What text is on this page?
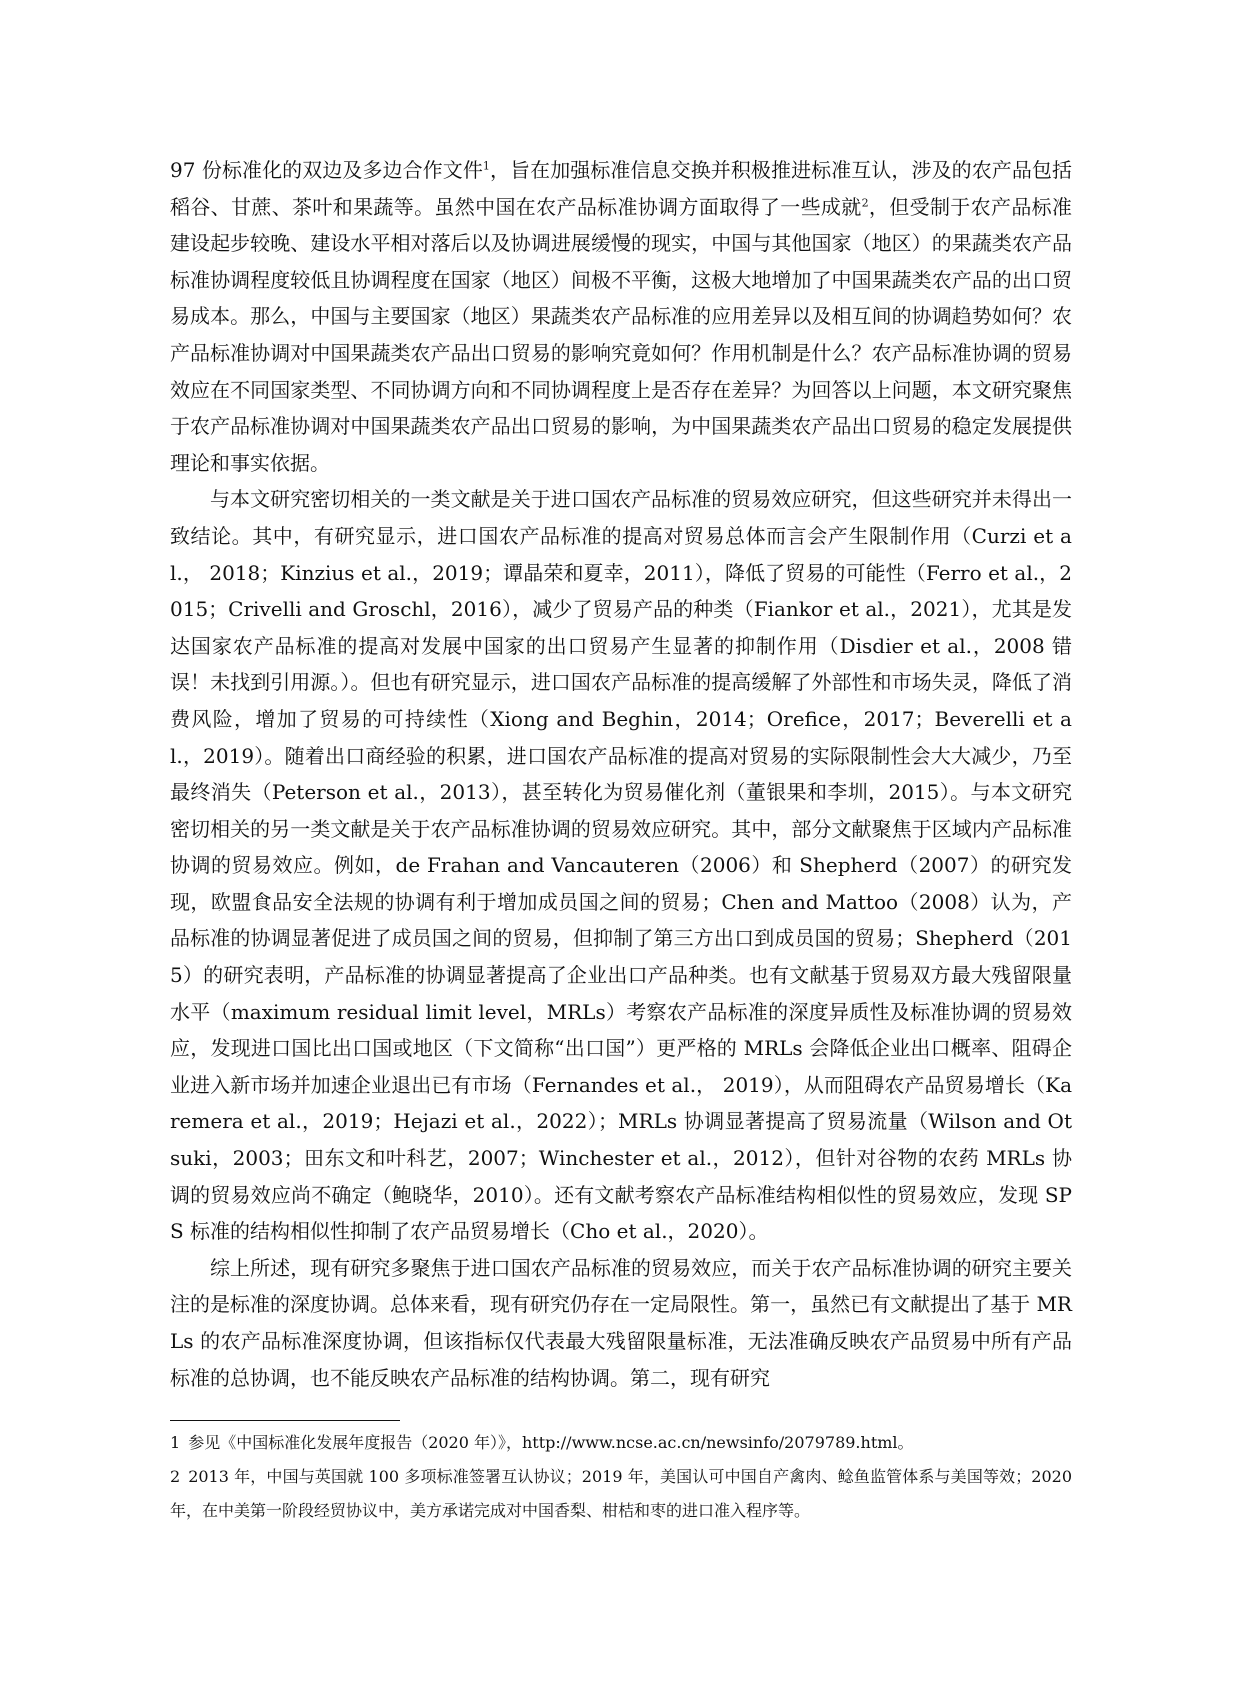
97 份标准化的双边及多边合作文件$^1$，旨在加强标准信息交换并积极推进标准互认，涉及的农产品包括稻谷、甘蔗、茶叶和果蔬等。虽然中国在农产品标准协调方面取得了一些成就$^2$，但受制于农产品标准建设起步较晚、建设水平相对落后以及协调进展缓慢的现实，中国与其他国家（地区）的果蔬类农产品标准协调程度较低且协调程度在国家（地区）间极不平衡，这极大地增加了中国果蔬类农产品的出口贸易成本。那么，中国与主要国家（地区）果蔬类农产品标准的应用差异以及相互间的协调趋势如何？农产品标准协调对中国果蔬类农产品出口贸易的影响究竟如何？作用机制是什么？农产品标准协调的贸易效应在不同国家类型、不同协调方向和不同协调程度上是否存在差异？为回答以上问题，本文研究聚焦于农产品标准协调对中国果蔬类农产品出口贸易的影响，为中国果蔬类农产品出口贸易的稳定发展提供理论和事实依据。

与本文研究密切相关的一类文献是关于进口国农产品标准的贸易效应研究，但这些研究并未得出一致结论。其中，有研究显示，进口国农产品标准的提高对贸易总体而言会产生限制作用（Curzi et al.， 2018；Kinzius et al.，2019；谭晶荣和夏幸，2011），降低了贸易的可能性（Ferro et al.，2015；Crivelli and Groschl，2016），减少了贸易产品的种类（Fiankor et al.，2021），尤其是发达国家农产品标准的提高对发展中国家的出口贸易产生显著的抑制作用（Disdier et al.，2008 错误！未找到引用源。）。但也有研究显示，进口国农产品标准的提高缓解了外部性和市场失灵，降低了消费风险，增加了贸易的可持续性（Xiong and Beghin，2014；Orefice，2017；Beverelli et al.，2019）。随着出口商经验的积累，进口国农产品标准的提高对贸易的实际限制性会大大减少，乃至最终消失（Peterson et al.，2013），甚至转化为贸易催化剂（董银果和李圳，2015）。与本文研究密切相关的另一类文献是关于农产品标准协调的贸易效应研究。其中，部分文献聚焦于区域内产品标准协调的贸易效应。例如，de Frahan and Vancauteren（2006）和 Shepherd（2007）的研究发现，欧盟食品安全法规的协调有利于增加成员国之间的贸易；Chen and Mattoo（2008）认为，产品标准的协调显著促进了成员国之间的贸易，但抑制了第三方出口到成员国的贸易；Shepherd（2015）的研究表明，产品标准的协调显著提高了企业出口产品种类。也有文献基于贸易双方最大残留限量水平（maximum residual limit level，MRLs）考察农产品标准的深度异质性及标准协调的贸易效应，发现进口国比出口国或地区（下文简称“出口国”）更严格的 MRLs 会降低企业出口概率、阻碍企业进入新市场并加速企业退出已有市场（Fernandes et al.， 2019），从而阻碍农产品贸易增长（Karemera et al.，2019；Hejazi et al.，2022）；MRLs 协调显著提高了贸易流量（Wilson and Otsuki，2003；田东文和叶科艺，2007；Winchester et al.，2012），但针对谷物的农药 MRLs 协调的贸易效应尚不确定（鲍晓华，2010）。还有文献考察农产品标准结构相似性的贸易效应，发现 SPS 标准的结构相似性抑制了农产品贸易增长（Cho et al.，2020）。

综上所述，现有研究多聚焦于进口国农产品标准的贸易效应，而关于农产品标准协调的研究主要关注的是标准的深度协调。总体来看，现有研究仍存在一定局限性。第一，虽然已有文献提出了基于 MRLs 的农产品标准深度协调，但该指标仅代表最大残留限量标准，无法准确反映农产品贸易中所有产品标准的总协调，也不能反映农产品标准的结构协调。第二，现有研究

1 参见《中国标准化发展年度报告（2020 年）》，http://www.ncse.ac.cn/newsinfo/2079789.html。

2 2013 年，中国与英国就 100 多项标准签署互认协议；2019 年，美国认可中国自产禽肉、鲶鱼监管体系与美国等效；2020 年，在中美第一阶段经贸协议中，美方承诺完成对中国香梨、柑桔和枣的进口准入程序等。
